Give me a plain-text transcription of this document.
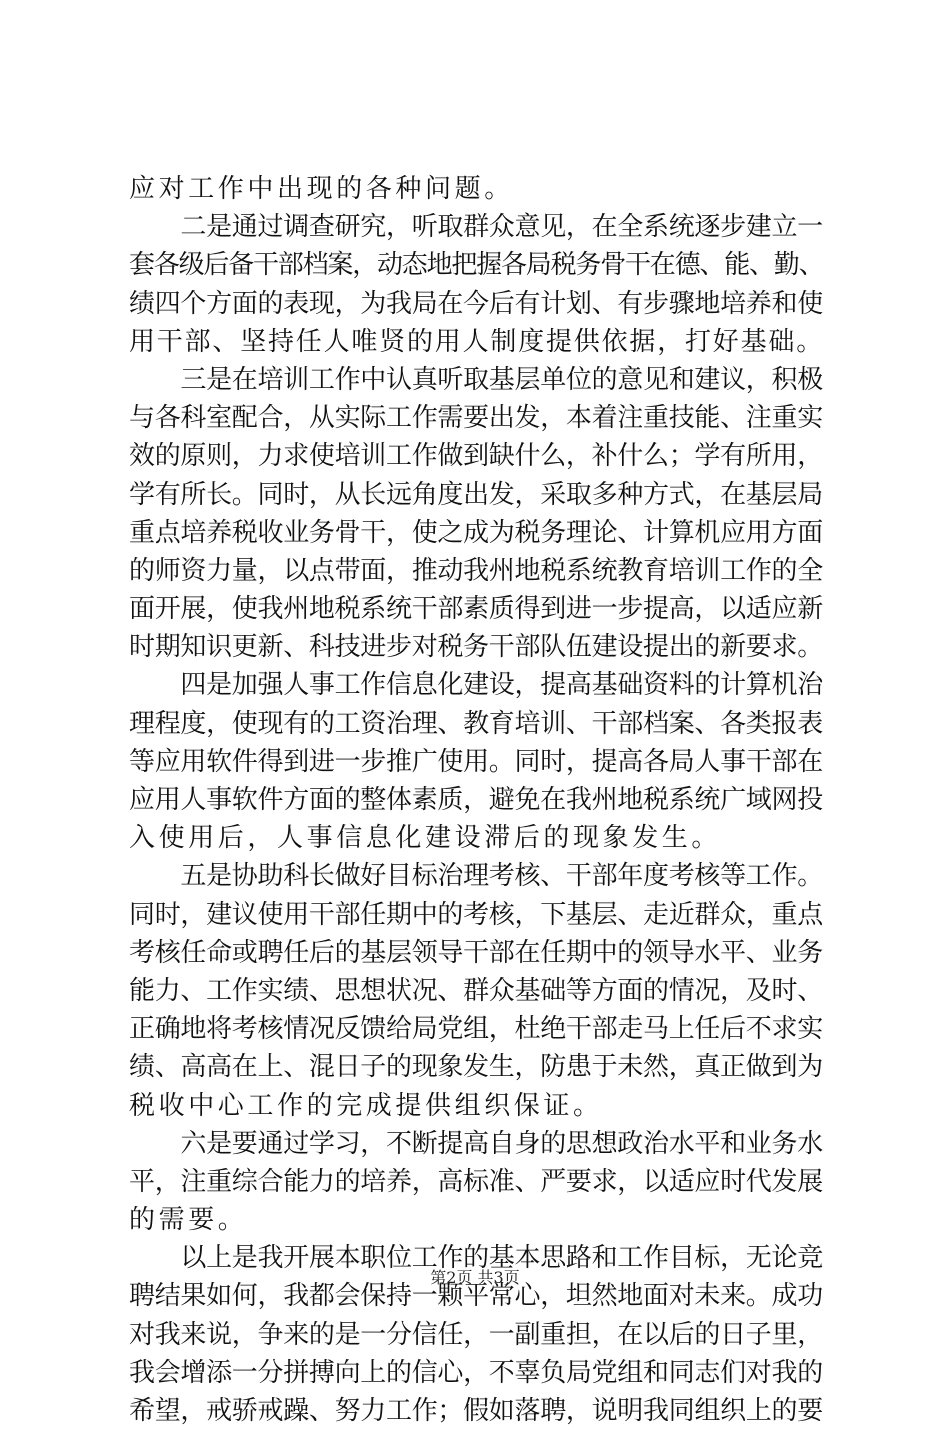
应对工作中出现的各种问题。
　　二是通过调查研究，听取群众意见，在全系统逐步建立一
套各级后备干部档案，动态地把握各局税务骨干在德、能、勤、
绩四个方面的表现，为我局在今后有计划、有步骤地培养和使
用干部、坚持任人唯贤的用人制度提供依据，打好基础。
　　三是在培训工作中认真听取基层单位的意见和建议，积极
与各科室配合，从实际工作需要出发，本着注重技能、注重实
效的原则，力求使培训工作做到缺什么，补什么；学有所用，
学有所长。同时，从长远角度出发，采取多种方式，在基层局
重点培养税收业务骨干，使之成为税务理论、计算机应用方面
的师资力量，以点带面，推动我州地税系统教育培训工作的全
面开展，使我州地税系统干部素质得到进一步提高，以适应新
时期知识更新、科技进步对税务干部队伍建设提出的新要求。
　　四是加强人事工作信息化建设，提高基础资料的计算机治
理程度，使现有的工资治理、教育培训、干部档案、各类报表
等应用软件得到进一步推广使用。同时，提高各局人事干部在
应用人事软件方面的整体素质，避免在我州地税系统广域网投
入使用后，人事信息化建设滞后的现象发生。
　　五是协助科长做好目标治理考核、干部年度考核等工作。
同时，建议使用干部任期中的考核，下基层、走近群众，重点
考核任命或聘任后的基层领导干部在任期中的领导水平、业务
能力、工作实绩、思想状况、群众基础等方面的情况，及时、
正确地将考核情况反馈给局党组，杜绝干部走马上任后不求实
绩、高高在上、混日子的现象发生，防患于未然，真正做到为
税收中心工作的完成提供组织保证。
　　六是要通过学习，不断提高自身的思想政治水平和业务水
平，注重综合能力的培养，高标准、严要求，以适应时代发展
的需要。
　　以上是我开展本职位工作的基本思路和工作目标，无论竞
聘结果如何，我都会保持一颗平常心，坦然地面对未来。成功
对我来说，争来的是一分信任，一副重担，在以后的日子里，
我会增添一分拼搏向上的信心，不辜负局党组和同志们对我的
希望，戒骄戒躁、努力工作；假如落聘，说明我同组织上的要
第2页 共3页
